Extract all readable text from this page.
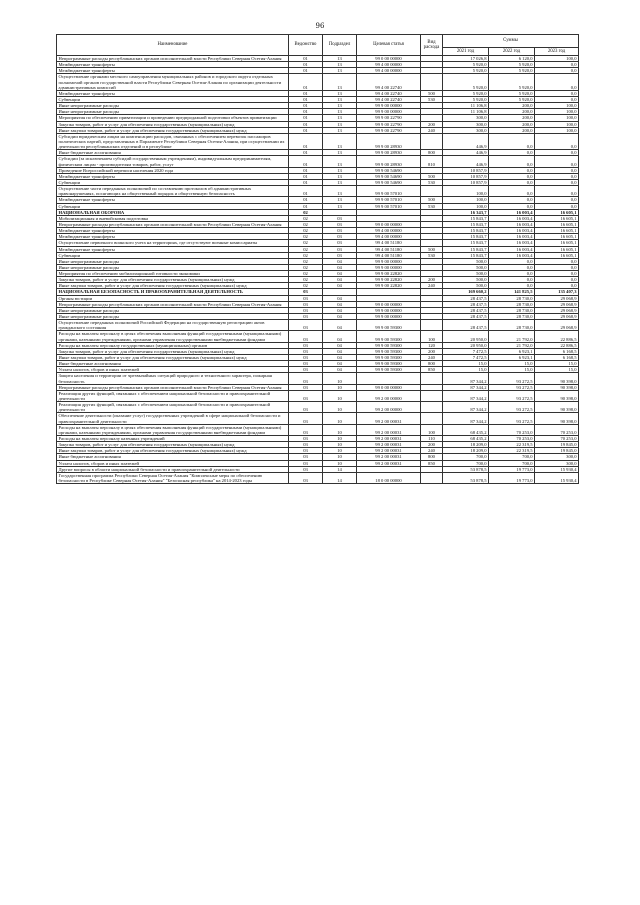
96
Наименование	Ведомство	Подраздел	Целевая статья	Вид расхода	Суммы		
					2021 год	2022 год	2023 год
Непрограммные расходы республиканских органов исполнительной власти Республики Северная Осетия-Алания	01	13	99 0 00 00000		17 026,8	6 120,0	100,0
Межбюджетные трансферты	01	13	99 4 00 00000		5 920,0	5 920,0	0,0
Межбюджетные трансферты	01	13	99 4 00 00000		5 920,0	5 920,0	0,0
Осуществление органами местного самоуправления муниципальных районов и городского округа отдельных полномочий органов государственной власти Республики Северная Осетия-Алания по организации деятельности административных комиссий	01	13	99 4 00 22740		5 920,0	5 920,0	0,0
Межбюджетные трансферты	01	13	99 4 00 22740	500	5 920,0	5 920,0	0,0
Субвенции	01	13	99 4 00 22740	530	5 920,0	5 920,0	0,0
Иные непрограммные расходы	01	13	99 9 00 00000		11 106,8	200,0	100,0
Иные непрограммные расходы	01	13	99 9 00 00000		11 106,8	200,0	100,0
Мероприятия по обеспечению приватизации и проведению предпродажной подготовки объектов приватизации	01	13	99 9 00 22790		300,0	200,0	100,0
Закупка товаров, работ и услуг для обеспечения государственных (муниципальных) нужд	01	13	99 9 00 22790	200	300,0	200,0	100,0
Иные закупки товаров, работ и услуг для обеспечения государственных (муниципальных) нужд	01	13	99 9 00 22790	240	300,0	200,0	100,0
Субсидии юридическим лицам на компенсацию расходов, связанных с обеспечением перевозок пассажиров политических партий, представленных в Парламенте Республики Северная Осетия-Алания, при осуществлении их деятельности республиканских отделений и в республике	01	13	99 9 00 28930		446,9	0,0	0,0
Иные бюджетные ассигнования	01	13	99 9 00 28930	800	446,9	0,0	0,0
Субсидии (за исключением субсидий государственным учреждениям), индивидуальным предпринимателям, физическим лицам - производителям товаров, работ, услуг	01	13	99 9 00 28930	810	446,9	0,0	0,0
Проведение Всероссийской переписи населения 2020 года	01	13	99 9 00 54690		10 857,9	0,0	0,0
Межбюджетные трансферты	01	13	99 9 00 54690	500	10 857,9	0,0	0,0
Субвенции	01	13	99 9 00 54690	530	10 857,9	0,0	0,0
Осуществление части переданных полномочий по составлению протоколов об административных правонарушениях, посягающих на общественный порядок и общественную безопасность	01	13	99 9 00 57010		100,0	0,0	0,0
Межбюджетные трансферты	01	13	99 9 00 57010	500	100,0	0,0	0,0
Субвенции	01	13	99 9 00 57010	530	100,0	0,0	0,0
НАЦИОНАЛЬНАЯ ОБОРОНА	02				16 343,7	16 003,4	16 605,1
Мобилизационная и вневойсковая подготовка	02	03			15 843,7	16 003,4	16 605,1
Непрограммные расходы республиканских органов исполнительной власти Республики Северная Осетия-Алания	02	03	99 0 00 00000		15 843,7	16 003,4	16 605,1
Межбюджетные трансферты	02	03	99 4 00 00000		15 843,7	16 003,4	16 605,1
Межбюджетные трансферты	02	03	99 4 00 00000		15 843,7	16 003,4	16 605,1
Осуществление первичного воинского учета на территориях, где отсутствуют военные комиссариаты	02	03	99 4 00 51180		15 843,7	16 003,4	16 605,1
Межбюджетные трансферты	02	03	99 4 00 51180	500	15 843,7	16 003,4	16 605,1
Субвенции	02	03	99 4 00 51180	530	15 843,7	16 003,4	16 605,1
Иные непрограммные расходы	02	04	99 9 00 00000		500,0	0,0	0,0
Иные непрограммные расходы	02	04	99 9 00 00000		500,0	0,0	0,0
Мероприятия по обеспечению мобилизационной готовности экономики	02	04	99 9 00 22820		500,0	0,0	0,0
Закупка товаров, работ и услуг для обеспечения государственных (муниципальных) нужд	02	04	99 9 00 22820	200	500,0	0,0	0,0
Иные закупки товаров, работ и услуг для обеспечения государственных (муниципальных) нужд	02	04	99 9 00 22820	240	500,0	0,0	0,0
НАЦИОНАЛЬНАЯ БЕЗОПАСНОСТЬ И ПРАВООХРАНИТЕЛЬНАЯ ДЕЯТЕЛЬНОСТЬ	03				169 660,2	141 825,5	135 407,3
Органы юстиции	03	04			28 437,5	28 730,0	29 068,9
Непрограммные расходы республиканских органов исполнительной власти Республики Северная Осетия-Алания	03	04	99 0 00 00000		28 437,5	28 730,0	29 068,9
Иные непрограммные расходы	03	04	99 9 00 00000		28 437,5	28 730,0	29 068,9
Иные непрограммные расходы	03	04	99 9 00 00000		28 437,5	28 730,0	29 068,9
Осуществление переданных полномочий Российской Федерации на государственную регистрацию актов гражданского состояния	03	04	99 9 00 59300		28 437,5	28 730,0	29 068,9
Расходы на выплаты персоналу в целях обеспечения выполнения функций государственными (муниципальными) органами, казенными учреждениями, органами управления государственными внебюджетными фондами	03	04	99 9 00 59300	100	20 950,0	21 792,0	22 886,5
Расходы на выплаты персоналу государственных (муниципальных) органов	03	04	99 9 00 59300	120	20 950,0	21 792,0	22 886,5
Закупка товаров, работ и услуг для обеспечения государственных (муниципальных) нужд	03	04	99 9 00 59300	200	7 472,5	6 923,1	6 168,5
Иные закупки товаров, работ и услуг для обеспечения государственных (муниципальных) нужд	03	04	99 9 00 59300	240	7 472,5	6 923,1	6 168,5
Иные бюджетные ассигнования	03	04	99 9 00 59300	800	15,0	15,0	15,0
Уплата налогов, сборов и иных платежей	03	04	99 9 00 59300	850	15,0	15,0	15,0
Защита населения и территории от чрезвычайных ситуаций природного и техногенного характера, пожарная безопасность	03	10			87 344,2	93 272,5	90 398,0
Непрограммные расходы республиканских органов исполнительной власти Республики Северная Осетия-Алания	03	10	99 0 00 00000		87 344,2	93 272,5	90 398,0
Реализация других функций, связанных с обеспечением национальной безопасности и правоохранительной деятельности	03	10	99 2 00 00000		87 344,2	93 272,5	90 398,0
Реализация других функций, связанных с обеспечением национальной безопасности и правоохранительной деятельности	03	10	99 2 00 00000		87 344,2	93 272,5	90 398,0
Обеспечение деятельности (оказание услуг) государственных учреждений в сфере национальной безопасности и правоохранительной деятельности	03	10	99 2 00 00031		87 344,2	93 272,5	90 398,0
Расходы на выплаты персоналу в целях обеспечения выполнения функций государственными (муниципальными) органами, казенными учреждениями, органами управления государственными внебюджетными фондами	03	10	99 2 00 00031	100	68 435,2	70 253,0	70 253,0
Расходы на выплаты персоналу казенных учреждений	03	10	99 2 00 00031	110	68 435,2	70 253,0	70 253,0
Закупка товаров, работ и услуг для обеспечения государственных (муниципальных) нужд	03	10	99 2 00 00031	200	18 209,0	22 319,5	19 845,0
Иные закупки товаров, работ и услуг для обеспечения государственных (муниципальных) нужд	03	10	99 2 00 00031	240	18 209,0	22 319,5	19 845,0
Иные бюджетные ассигнования	03	10	99 2 00 00031	800	700,0	700,0	300,0
Уплата налогов, сборов и иных платежей	03	10	99 2 00 00031	850	700,0	700,0	300,0
Другие вопросы в области национальной безопасности и правоохранительной деятельности	03	14			53 878,5	19 773,0	15 930,4
Государственная программа Республики Северная Осетия-Алания "Комплексные меры по обеспечению безопасности в Республике Северная Осетия-Алания" "Безопасная республика" на 2014-2023 годы	03	14	18 0 00 00000		53 878,5	19 773,0	15 930,4
